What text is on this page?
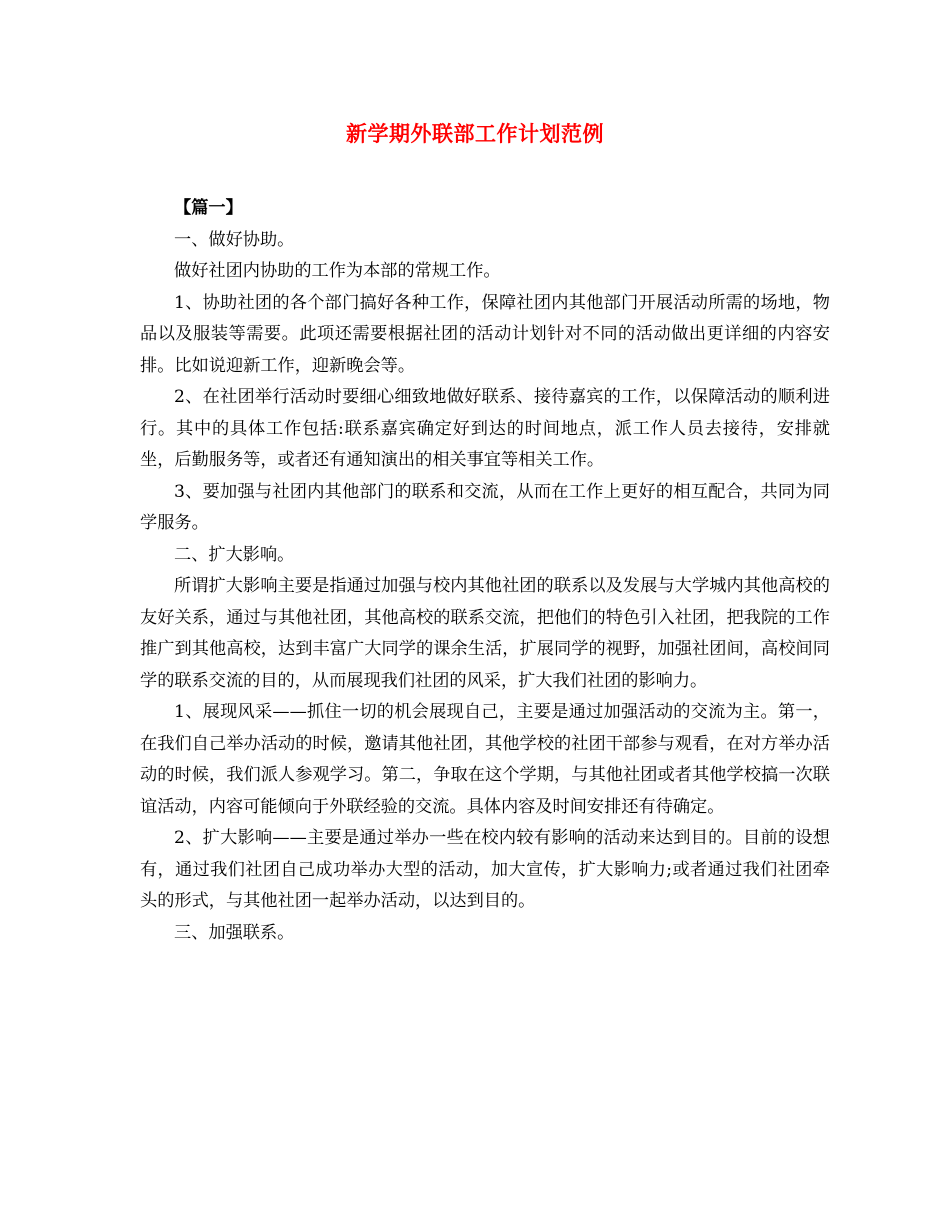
新学期外联部工作计划范例

【篇一】

一、做好协助。

做好社团内协助的工作为本部的常规工作。

1、协助社团的各个部门搞好各种工作，保障社团内其他部门开展活动所需的场地，物品以及服装等需要。此项还需要根据社团的活动计划针对不同的活动做出更详细的内容安排。比如说迎新工作，迎新晚会等。

2、在社团举行活动时要细心细致地做好联系、接待嘉宾的工作，以保障活动的顺利进行。其中的具体工作包括:联系嘉宾确定好到达的时间地点，派工作人员去接待，安排就坐，后勤服务等，或者还有通知演出的相关事宜等相关工作。

3、要加强与社团内其他部门的联系和交流，从而在工作上更好的相互配合，共同为同学服务。

二、扩大影响。

所谓扩大影响主要是指通过加强与校内其他社团的联系以及发展与大学城内其他高校的友好关系，通过与其他社团，其他高校的联系交流，把他们的特色引入社团，把我院的工作推广到其他高校，达到丰富广大同学的课余生活，扩展同学的视野，加强社团间，高校间同学的联系交流的目的，从而展现我们社团的风采，扩大我们社团的影响力。

1、展现风采——抓住一切的机会展现自己，主要是通过加强活动的交流为主。第一，在我们自己举办活动的时候，邀请其他社团，其他学校的社团干部参与观看，在对方举办活动的时候，我们派人参观学习。第二，争取在这个学期，与其他社团或者其他学校搞一次联谊活动，内容可能倾向于外联经验的交流。具体内容及时间安排还有待确定。

2、扩大影响——主要是通过举办一些在校内较有影响的活动来达到目的。目前的设想有，通过我们社团自己成功举办大型的活动，加大宣传，扩大影响力;或者通过我们社团牵头的形式，与其他社团一起举办活动，以达到目的。

三、加强联系。
